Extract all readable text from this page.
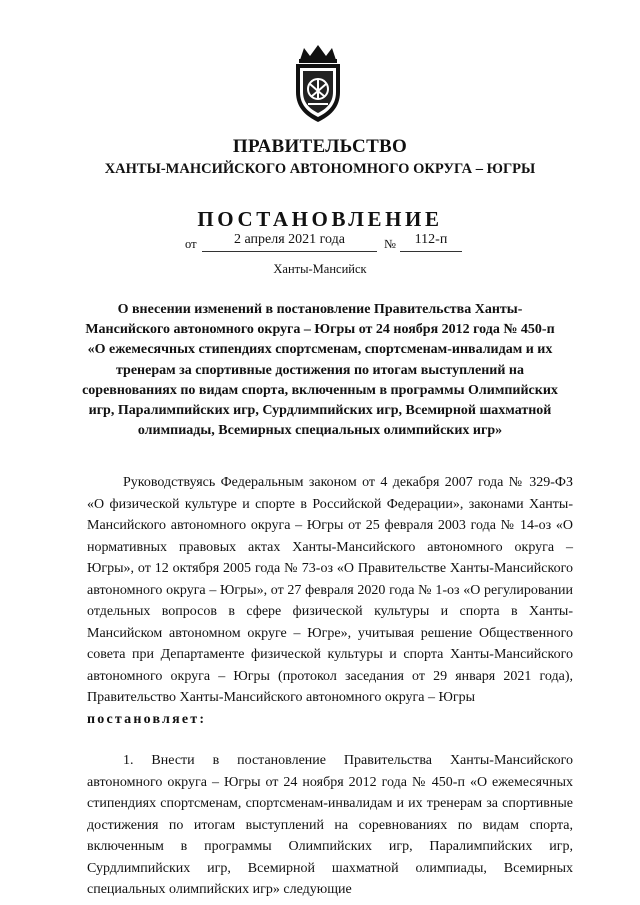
ПРАВИТЕЛЬСТВО
ХАНТЫ-МАНСИЙСКОГО АВТОНОМНОГО ОКРУГА – ЮГРЫ
ПОСТАНОВЛЕНИЕ
от	2 апреля 2021 года	№	112-п
Ханты-Мансийск
О внесении изменений в постановление Правительства Ханты-Мансийского автономного округа – Югры от 24 ноября 2012 года № 450-п «О ежемесячных стипендиях спортсменам, спортсменам-инвалидам и их тренерам за спортивные достижения по итогам выступлений на соревнованиях по видам спорта, включенным в программы Олимпийских игр, Паралимпийских игр, Сурдлимпийских игр, Всемирной шахматной олимпиады, Всемирных специальных олимпийских игр»

Руководствуясь Федеральным законом от 4 декабря 2007 года № 329-ФЗ «О физической культуре и спорте в Российской Федерации», законами Ханты-Мансийского автономного округа – Югры от 25 февраля 2003 года № 14-оз «О нормативных правовых актах Ханты-Мансийского автономного округа – Югры», от 12 октября 2005 года № 73-оз «О Правительстве Ханты-Мансийского автономного округа – Югры», от 27 февраля 2020 года № 1-оз «О регулировании отдельных вопросов в сфере физической культуры и спорта в Ханты-Мансийском автономном округе – Югре», учитывая решение Общественного совета при Департаменте физической культуры и спорта Ханты-Мансийского автономного округа – Югры (протокол заседания от 29 января 2021 года), Правительство Ханты-Мансийского автономного округа – Югры
постановляет:

1. Внести в постановление Правительства Ханты-Мансийского автономного округа – Югры от 24 ноября 2012 года № 450-п «О ежемесячных стипендиях спортсменам, спортсменам-инвалидам и их тренерам за спортивные достижения по итогам выступлений на соревнованиях по видам спорта, включенным в программы Олимпийских игр, Паралимпийских игр, Сурдлимпийских игр, Всемирной шахматной олимпиады, Всемирных специальных олимпийских игр» следующие
